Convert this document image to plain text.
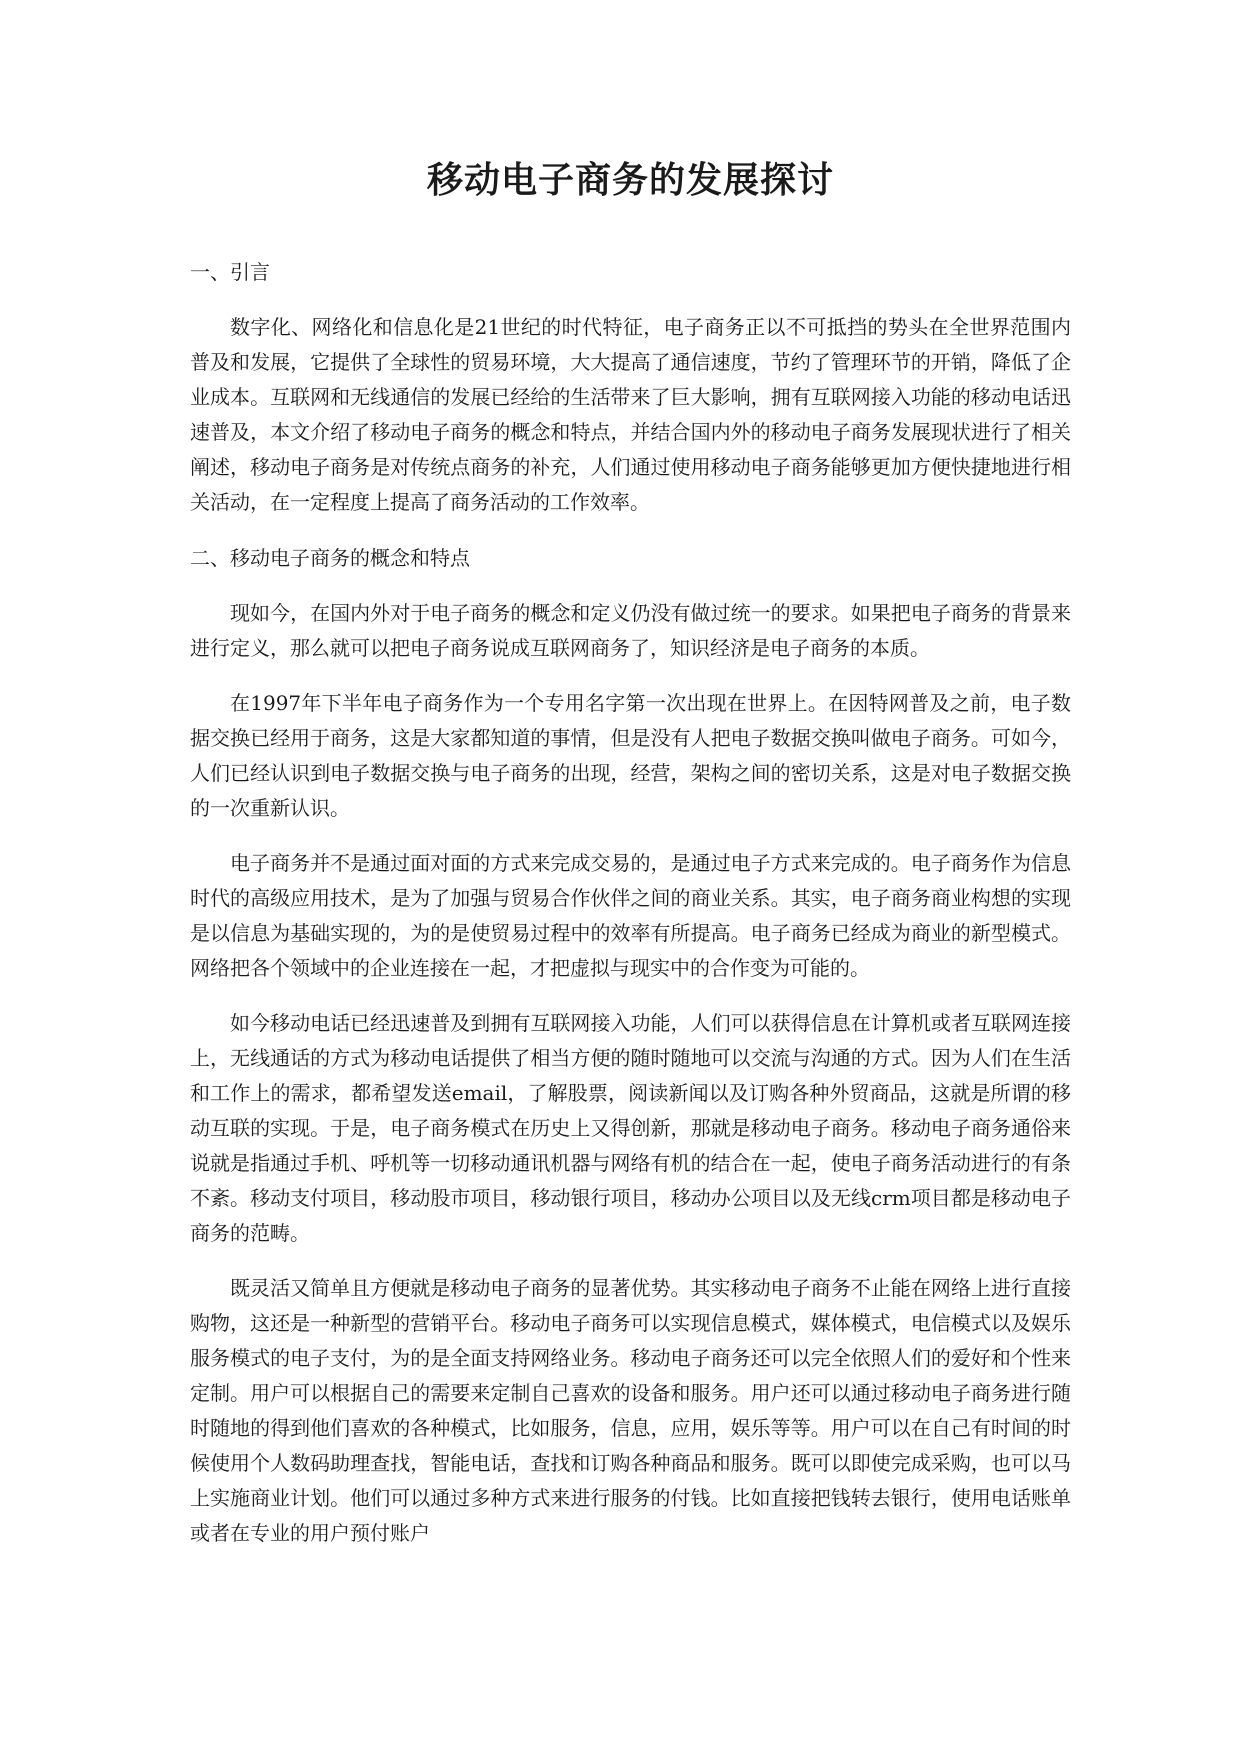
移动电子商务的发展探讨
一、引言

数字化、网络化和信息化是21世纪的时代特征，电子商务正以不可抵挡的势头在全世界范围内普及和发展，它提供了全球性的贸易环境，大大提高了通信速度，节约了管理环节的开销，降低了企业成本。互联网和无线通信的发展已经给的生活带来了巨大影响，拥有互联网接入功能的移动电话迅速普及，本文介绍了移动电子商务的概念和特点，并结合国内外的移动电子商务发展现状进行了相关阐述，移动电子商务是对传统点商务的补充，人们通过使用移动电子商务能够更加方便快捷地进行相关活动，在一定程度上提高了商务活动的工作效率。

二、移动电子商务的概念和特点

现如今，在国内外对于电子商务的概念和定义仍没有做过统一的要求。如果把电子商务的背景来进行定义，那么就可以把电子商务说成互联网商务了，知识经济是电子商务的本质。

在1997年下半年电子商务作为一个专用名字第一次出现在世界上。在因特网普及之前，电子数据交换已经用于商务，这是大家都知道的事情，但是没有人把电子数据交换叫做电子商务。可如今，人们已经认识到电子数据交换与电子商务的出现，经营，架构之间的密切关系，这是对电子数据交换的一次重新认识。

电子商务并不是通过面对面的方式来完成交易的，是通过电子方式来完成的。电子商务作为信息时代的高级应用技术，是为了加强与贸易合作伙伴之间的商业关系。其实，电子商务商业构想的实现是以信息为基础实现的，为的是使贸易过程中的效率有所提高。电子商务已经成为商业的新型模式。网络把各个领域中的企业连接在一起，才把虚拟与现实中的合作变为可能的。

如今移动电话已经迅速普及到拥有互联网接入功能，人们可以获得信息在计算机或者互联网连接上，无线通话的方式为移动电话提供了相当方便的随时随地可以交流与沟通的方式。因为人们在生活和工作上的需求，都希望发送email，了解股票，阅读新闻以及订购各种外贸商品，这就是所谓的移动互联的实现。于是，电子商务模式在历史上又得创新，那就是移动电子商务。移动电子商务通俗来说就是指通过手机、呼机等一切移动通讯机器与网络有机的结合在一起，使电子商务活动进行的有条不紊。移动支付项目，移动股市项目，移动银行项目，移动办公项目以及无线crm项目都是移动电子商务的范畴。

既灵活又简单且方便就是移动电子商务的显著优势。其实移动电子商务不止能在网络上进行直接购物，这还是一种新型的营销平台。移动电子商务可以实现信息模式，媒体模式，电信模式以及娱乐服务模式的电子支付，为的是全面支持网络业务。移动电子商务还可以完全依照人们的爱好和个性来定制。用户可以根据自己的需要来定制自己喜欢的设备和服务。用户还可以通过移动电子商务进行随时随地的得到他们喜欢的各种模式，比如服务，信息，应用，娱乐等等。用户可以在自己有时间的时候使用个人数码助理查找，智能电话，查找和订购各种商品和服务。既可以即使完成采购，也可以马上实施商业计划。他们可以通过多种方式来进行服务的付钱。比如直接把钱转去银行，使用电话账单或者在专业的用户预付账户
